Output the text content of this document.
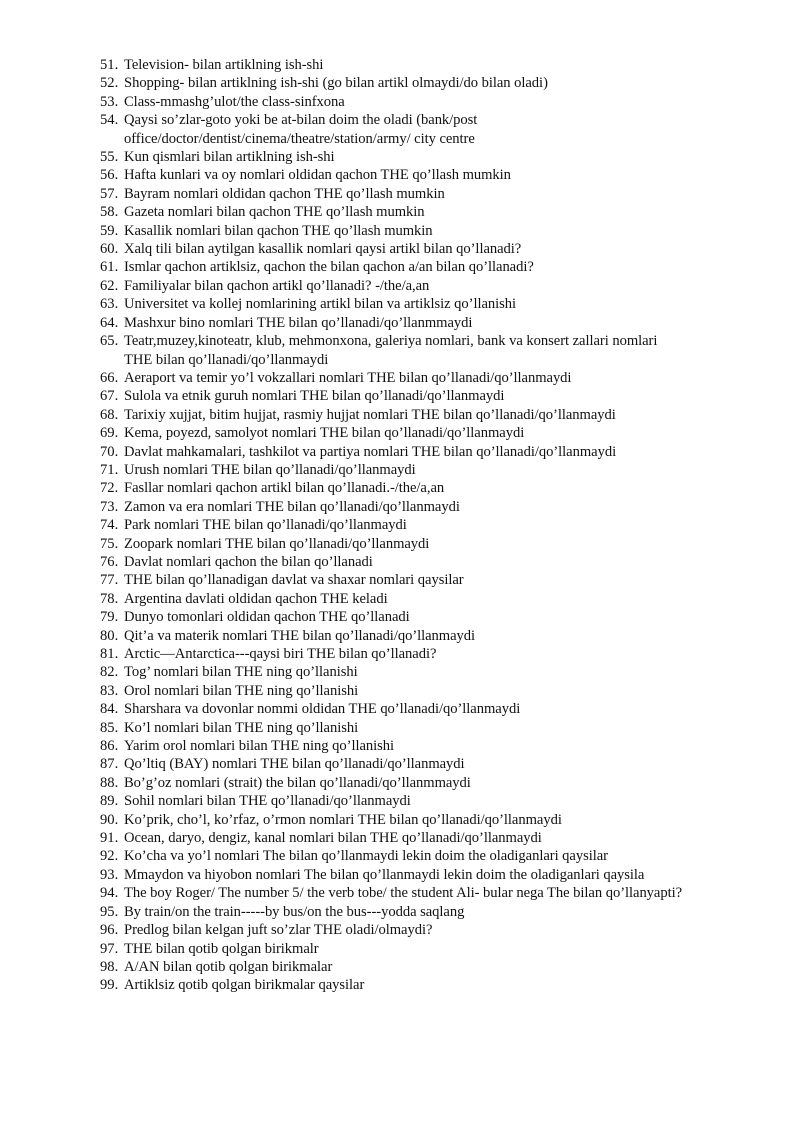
51. Television- bilan artiklning ish-shi
52. Shopping- bilan artiklning ish-shi (go bilan artikl olmaydi/do bilan oladi)
53. Class-mmashg’ulot/the class-sinfxona
54. Qaysi so’zlar-goto yoki be at-bilan doim the oladi (bank/post
office/doctor/dentist/cinema/theatre/station/army/ city centre
55. Kun qismlari bilan artiklning ish-shi
56. Hafta kunlari va oy nomlari oldidan qachon THE qo’llash mumkin
57. Bayram nomlari oldidan qachon THE qo’llash mumkin
58. Gazeta nomlari bilan qachon THE qo’llash mumkin
59. Kasallik nomlari bilan qachon THE qo’llash mumkin
60. Xalq tili bilan aytilgan kasallik nomlari qaysi artikl bilan qo’llanadi?
61. Ismlar qachon artiklsiz, qachon the bilan qachon a/an bilan qo’llanadi?
62. Familiyalar bilan qachon artikl qo’llanadi? -/the/a,an
63. Universitet va kollej nomlarining artikl bilan va artiklsiz qo’llanishi
64. Mashxur bino nomlari THE bilan qo’llanadi/qo’llanmmaydi
65. Teatr,muzey,kinoteatr, klub, mehmonxona, galeriya nomlari, bank va konsert zallari nomlari
THE bilan qo’llanadi/qo’llanmaydi
66. Aeraport va temir yo’l vokzallari nomlari THE bilan qo’llanadi/qo’llanmaydi
67. Sulola va etnik guruh nomlari THE bilan qo’llanadi/qo’llanmaydi
68. Tarixiy xujjat, bitim hujjat, rasmiy hujjat nomlari THE bilan qo’llanadi/qo’llanmaydi
69. Kema, poyezd, samolyot nomlari THE bilan qo’llanadi/qo’llanmaydi
70. Davlat mahkamalari, tashkilot va partiya nomlari THE bilan qo’llanadi/qo’llanmaydi
71. Urush nomlari THE bilan qo’llanadi/qo’llanmaydi
72. Fasllar nomlari qachon artikl bilan qo’llanadi.-/the/a,an
73. Zamon va era nomlari THE bilan qo’llanadi/qo’llanmaydi
74. Park nomlari THE bilan qo’llanadi/qo’llanmaydi
75. Zoopark nomlari THE bilan qo’llanadi/qo’llanmaydi
76. Davlat nomlari qachon the bilan qo’llanadi
77. THE bilan qo’llanadigan davlat va shaxar nomlari qaysilar
78. Argentina davlati oldidan qachon THE keladi
79. Dunyo tomonlari oldidan qachon THE qo’llanadi
80. Qit’a va materik nomlari THE bilan qo’llanadi/qo’llanmaydi
81. Arctic—Antarctica---qaysi biri THE bilan qo’llanadi?
82. Tog’ nomlari bilan THE ning qo’llanishi
83. Orol nomlari bilan THE ning qo’llanishi
84. Sharshara va dovonlar nommi oldidan THE qo’llanadi/qo’llanmaydi
85. Ko’l nomlari bilan THE ning qo’llanishi
86. Yarim orol nomlari bilan THE ning qo’llanishi
87. Qo’ltiq (BAY) nomlari THE bilan qo’llanadi/qo’llanmaydi
88. Bo’g’oz nomlari (strait) the bilan qo’llanadi/qo’llanmmaydi
89. Sohil nomlari bilan THE qo’llanadi/qo’llanmaydi
90. Ko’prik, cho’l, ko’rfaz, o’rmon nomlari THE bilan qo’llanadi/qo’llanmaydi
91. Ocean, daryo, dengiz, kanal nomlari bilan THE qo’llanadi/qo’llanmaydi
92. Ko’cha va yo’l nomlari The bilan qo’llanmaydi lekin doim the oladiganlari qaysilar
93. Mmaydon va hiyobon nomlari The bilan qo’llanmaydi lekin doim the oladiganlari qaysila
94. The boy Roger/ The number 5/ the verb tobe/ the student Ali- bular nega The bilan qo’llanyapti?
95. By train/on the train-----by bus/on the bus---yodda saqlang
96. Predlog bilan kelgan juft so’zlar THE oladi/olmaydi?
97. THE bilan qotib qolgan birikmalr
98. A/AN bilan qotib qolgan birikmalar
99. Artiklsiz qotib qolgan birikmalar qaysilar
